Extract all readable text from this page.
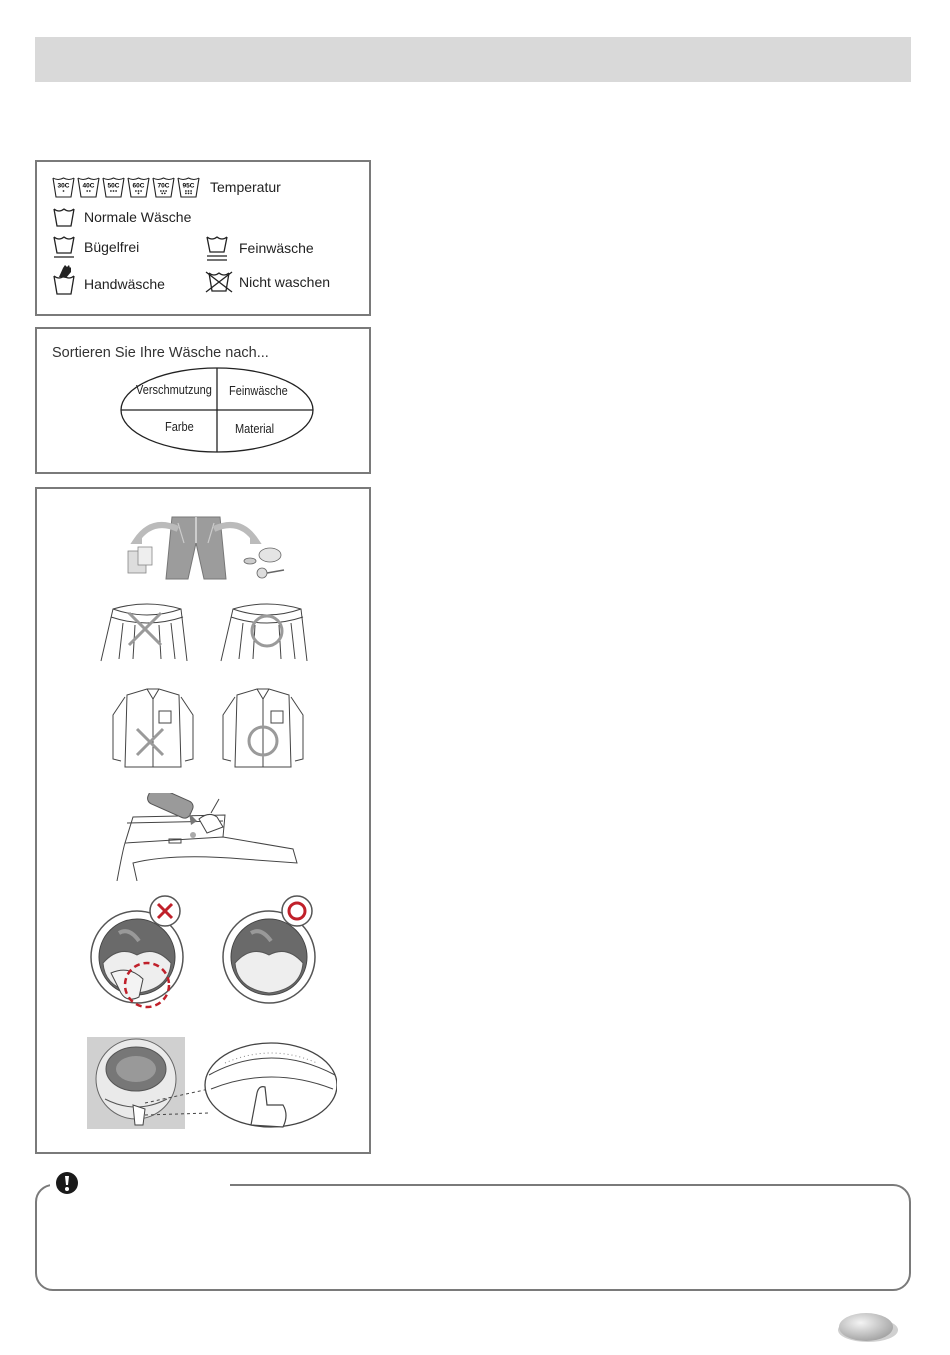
30C 40C 50C 60C 70C 95C Temperatur
Normale Wäsche
Bügelfrei	Feinwäsche
Handwäsche	Nicht waschen
Sortieren Sie Ihre Wäsche nach...
Verschmutzung Feinwäsche
Farbe	Material
